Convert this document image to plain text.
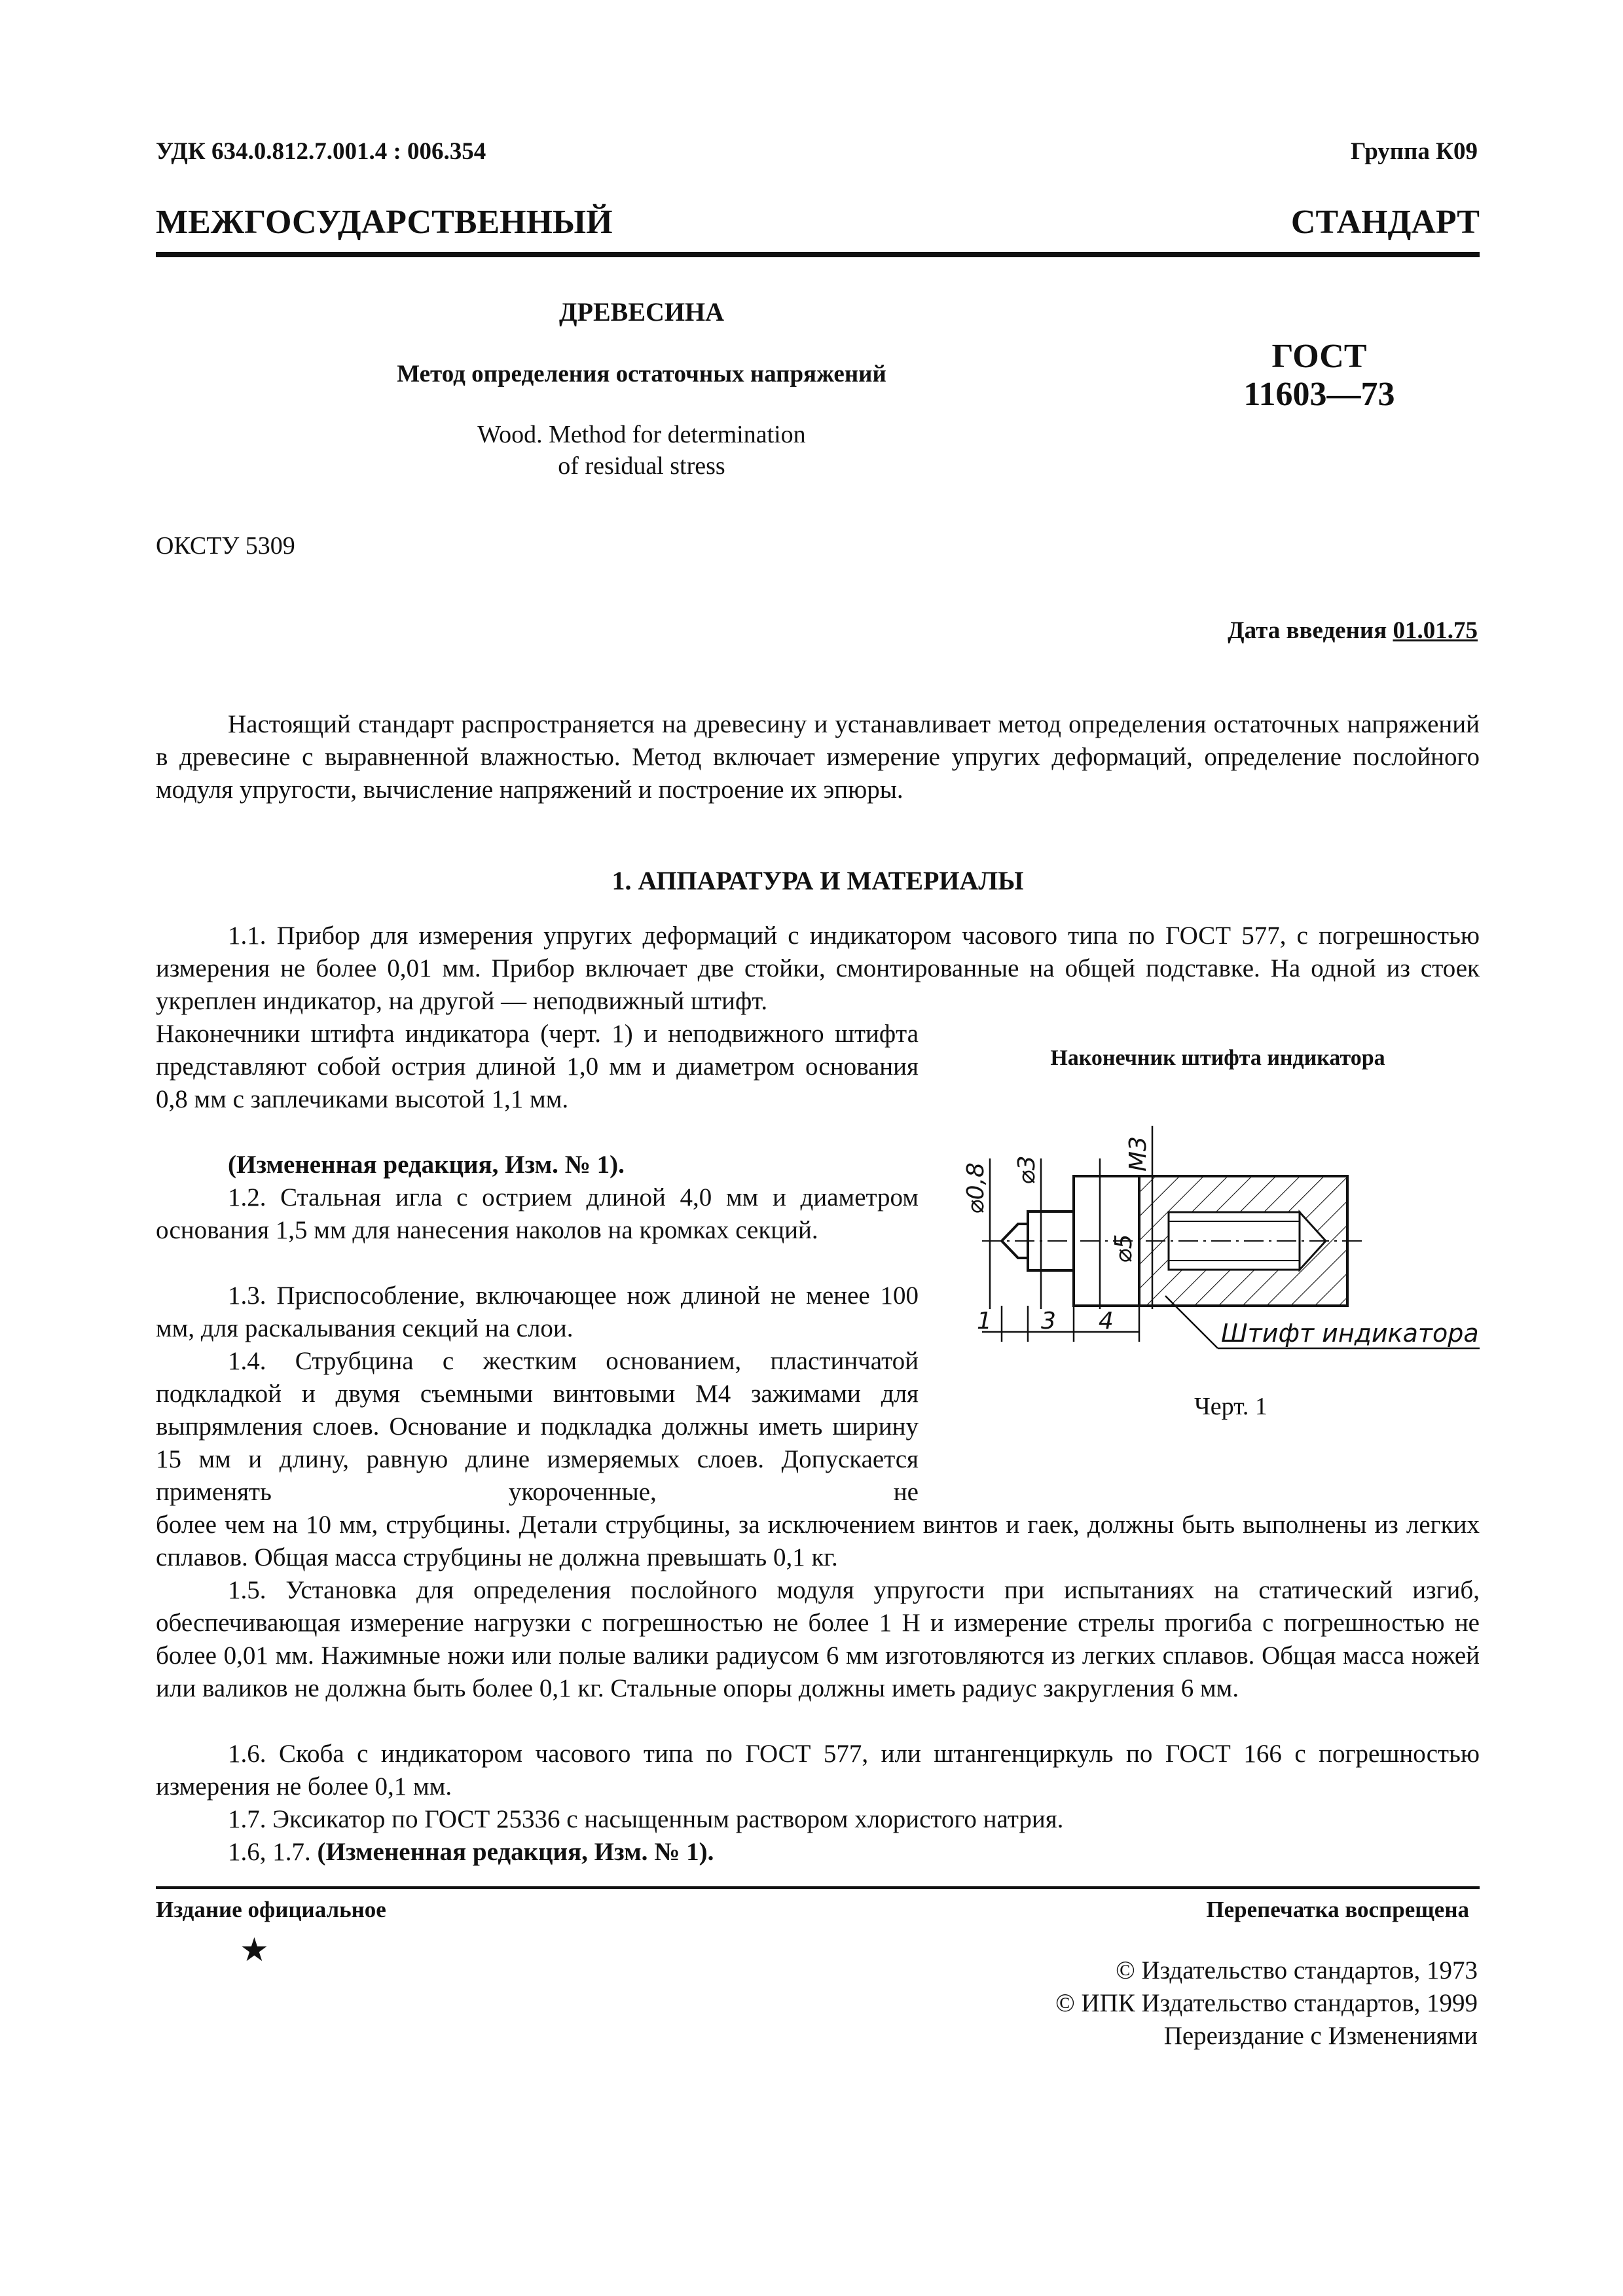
УДК 634.0.812.7.001.4 : 006.354	Группа К09
МЕЖГОСУДАРСТВЕННЫЙ СТАНДАРТ
ДРЕВЕСИНА
Метод определения остаточных напряжений
Wood. Method for determination
of residual stress
ГОСТ
11603—73
ОКСТУ 5309
Дата введения 01.01.75
Настоящий стандарт распространяется на древесину и устанавливает метод определения остаточных напряжений в древесине с выравненной влажностью. Метод включает измерение упругих деформаций, определение послойного модуля упругости, вычисление напряжений и построение их эпюры.
1. АППАРАТУРА И МАТЕРИАЛЫ
1.1. Прибор для измерения упругих деформаций с индикатором часового типа по ГОСТ 577, с погрешностью измерения не более 0,01 мм. Прибор включает две стойки, смонтированные на общей подставке. На одной из стоек укреплен индикатор, на другой — неподвижный штифт.
Наконечники штифта индикатора (черт. 1) и неподвижного штифта представляют собой острия длиной 1,0 мм и диаметром основания 0,8 мм с заплечиками высотой 1,1 мм.
(Измененная редакция, Изм. № 1).
1.2. Стальная игла с острием длиной 4,0 мм и диаметром основания 1,5 мм для нанесения наколов на кромках секций.
1.3. Приспособление, включающее нож длиной не менее 100 мм, для раскалывания секций на слои.
1.4. Струбцина с жестким основанием, пластинчатой подкладкой и двумя съемными винтовыми М4 зажимами для выпрямления слоев. Основание и подкладка должны иметь ширину 15 мм и длину, равную длине измеряемых слоев. Допускается применять укороченные, не
более чем на 10 мм, струбцины. Детали струбцины, за исключением винтов и гаек, должны быть выполнены из легких сплавов. Общая масса струбцины не должна превышать 0,1 кг.
1.5. Установка для определения послойного модуля упругости при испытаниях на статический изгиб, обеспечивающая измерение нагрузки с погрешностью не более 1 Н и измерение стрелы прогиба с погрешностью не более 0,01 мм. Нажимные ножи или полые валики радиусом 6 мм изготовляются из легких сплавов. Общая масса ножей или валиков не должна быть более 0,1 кг. Стальные опоры должны иметь радиус закругления 6 мм.
1.6. Скоба с индикатором часового типа по ГОСТ 577, или штангенциркуль по ГОСТ 166 с погрешностью измерения не более 0,1 мм.
1.7. Эксикатор по ГОСТ 25336 с насыщенным раствором хлористого натрия.
1.6, 1.7. (Измененная редакция, Изм. № 1).
Наконечник штифта индикатора
⌀0,8 ⌀3
⌀5
М3
1 3 4	Штифт индикатора
Черт. 1
Издание официальное	Перепечатка воспрещена
★
© Издательство стандартов, 1973
© ИПК Издательство стандартов, 1999
Переиздание с Изменениями
